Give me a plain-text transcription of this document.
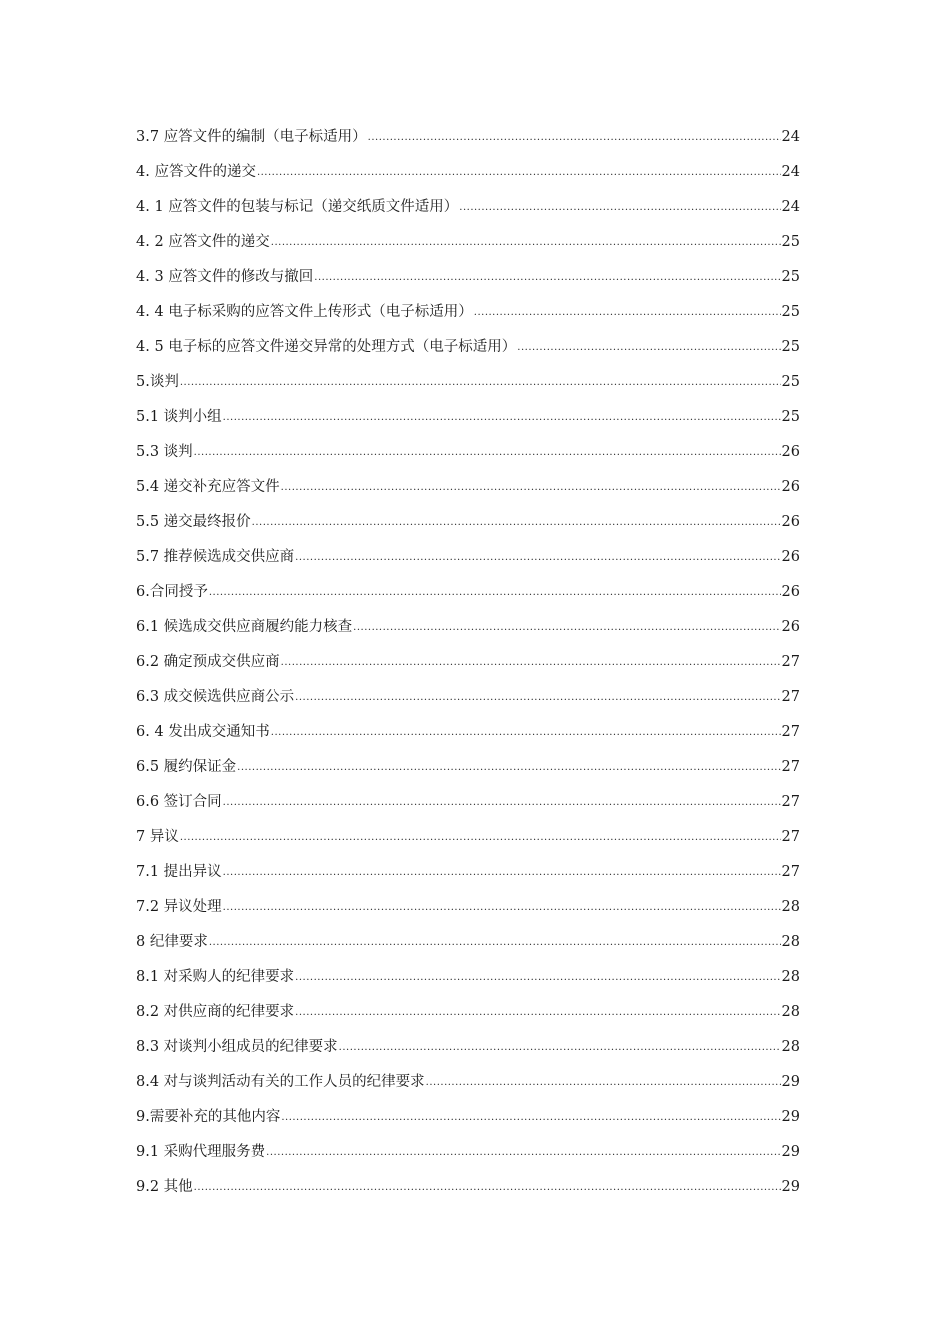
3.7 应答文件的编制（电子标适用） .....	24
4. 应答文件的递交 .....	24
4. 1 应答文件的包装与标记（递交纸质文件适用） .....	24
4. 2 应答文件的递交 .....	25
4. 3 应答文件的修改与撤回 .....	25
4. 4 电子标采购的应答文件上传形式（电子标适用） .....	25
4. 5 电子标的应答文件递交异常的处理方式（电子标适用） .....	25
5.谈判 .....	25
5.1 谈判小组 .....	25
5.3 谈判 .....	26
5.4 递交补充应答文件 .....	26
5.5 递交最终报价 .....	26
5.7 推荐候选成交供应商 .....	26
6.合同授予 .....	26
6.1 候选成交供应商履约能力核查 .....	26
6.2 确定预成交供应商 .....	27
6.3 成交候选供应商公示 .....	27
6. 4 发出成交通知书 .....	27
6.5 履约保证金 .....	27
6.6 签订合同 .....	27
7 异议 .....	27
7.1 提出异议 .....	27
7.2 异议处理 .....	28
8 纪律要求 .....	28
8.1 对采购人的纪律要求 .....	28
8.2 对供应商的纪律要求 .....	28
8.3 对谈判小组成员的纪律要求 .....	28
8.4 对与谈判活动有关的工作人员的纪律要求 .....	29
9.需要补充的其他内容 .....	29
9.1 采购代理服务费 .....	29
9.2 其他 .....	29
